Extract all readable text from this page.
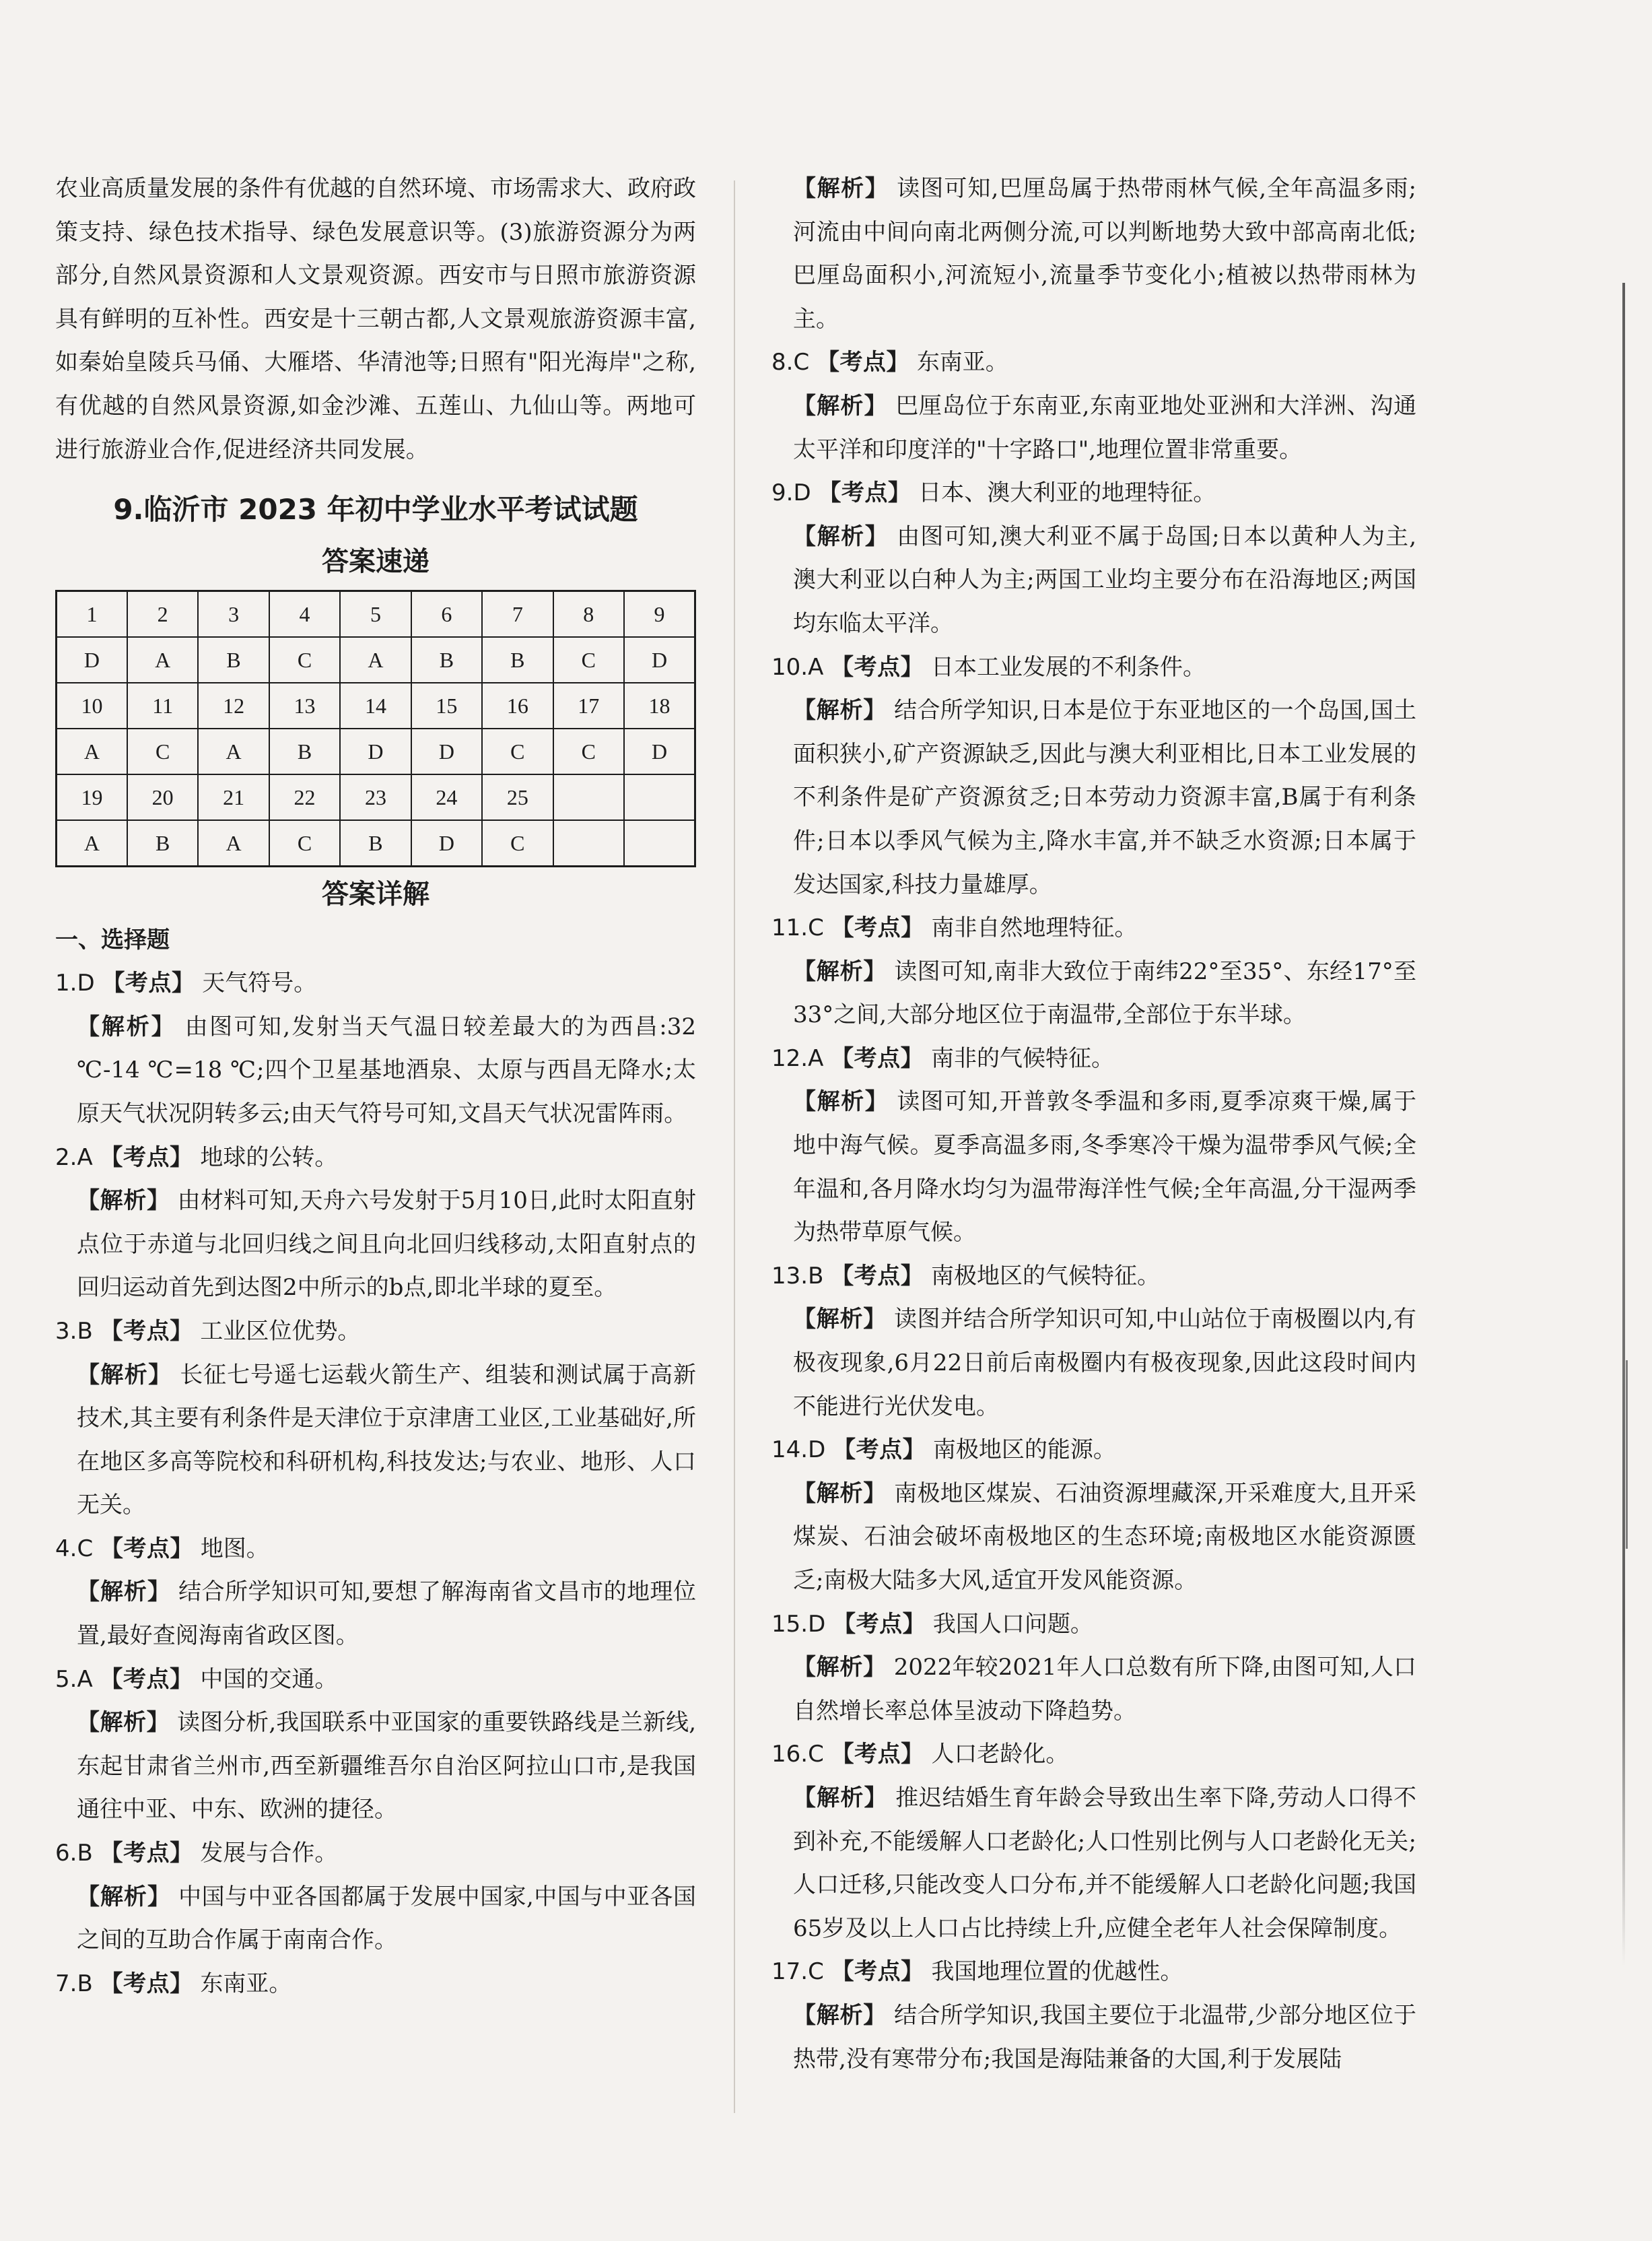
农业高质量发展的条件有优越的自然环境、市场需求大、政府政策支持、绿色技术指导、绿色发展意识等。(3)旅游资源分为两部分,自然风景资源和人文景观资源。西安市与日照市旅游资源具有鲜明的互补性。西安是十三朝古都,人文景观旅游资源丰富,如秦始皇陵兵马俑、大雁塔、华清池等;日照有"阳光海岸"之称,有优越的自然风景资源,如金沙滩、五莲山、九仙山等。两地可进行旅游业合作,促进经济共同发展。

9.临沂市 2023 年初中学业水平考试试题
答案速递
1	2	3	4	5	6	7	8	9
D	A	B	C	A	B	B	C	D
10	11	12	13	14	15	16	17	18
A	C	A	B	D	D	C	C	D
19	20	21	22	23	24	25		
A	B	A	C	B	D	C		
答案详解
一、选择题

1.D 【考点】 天气符号。

【解析】 由图可知,发射当天气温日较差最大的为西昌:32 ℃-14 ℃=18 ℃;四个卫星基地酒泉、太原与西昌无降水;太原天气状况阴转多云;由天气符号可知,文昌天气状况雷阵雨。

2.A 【考点】 地球的公转。

【解析】 由材料可知,天舟六号发射于5月10日,此时太阳直射点位于赤道与北回归线之间且向北回归线移动,太阳直射点的回归运动首先到达图2中所示的b点,即北半球的夏至。

3.B 【考点】 工业区位优势。

【解析】 长征七号遥七运载火箭生产、组装和测试属于高新技术,其主要有利条件是天津位于京津唐工业区,工业基础好,所在地区多高等院校和科研机构,科技发达;与农业、地形、人口无关。

4.C 【考点】 地图。

【解析】 结合所学知识可知,要想了解海南省文昌市的地理位置,最好查阅海南省政区图。

5.A 【考点】 中国的交通。

【解析】 读图分析,我国联系中亚国家的重要铁路线是兰新线,东起甘肃省兰州市,西至新疆维吾尔自治区阿拉山口市,是我国通往中亚、中东、欧洲的捷径。

6.B 【考点】 发展与合作。

【解析】 中国与中亚各国都属于发展中国家,中国与中亚各国之间的互助合作属于南南合作。

7.B 【考点】 东南亚。

【解析】 读图可知,巴厘岛属于热带雨林气候,全年高温多雨;河流由中间向南北两侧分流,可以判断地势大致中部高南北低;巴厘岛面积小,河流短小,流量季节变化小;植被以热带雨林为主。

8.C 【考点】 东南亚。

【解析】 巴厘岛位于东南亚,东南亚地处亚洲和大洋洲、沟通太平洋和印度洋的"十字路口",地理位置非常重要。

9.D 【考点】 日本、澳大利亚的地理特征。

【解析】 由图可知,澳大利亚不属于岛国;日本以黄种人为主,澳大利亚以白种人为主;两国工业均主要分布在沿海地区;两国均东临太平洋。

10.A 【考点】 日本工业发展的不利条件。

【解析】 结合所学知识,日本是位于东亚地区的一个岛国,国土面积狭小,矿产资源缺乏,因此与澳大利亚相比,日本工业发展的不利条件是矿产资源贫乏;日本劳动力资源丰富,B属于有利条件;日本以季风气候为主,降水丰富,并不缺乏水资源;日本属于发达国家,科技力量雄厚。

11.C 【考点】 南非自然地理特征。

【解析】 读图可知,南非大致位于南纬22°至35°、东经17°至33°之间,大部分地区位于南温带,全部位于东半球。

12.A 【考点】 南非的气候特征。

【解析】 读图可知,开普敦冬季温和多雨,夏季凉爽干燥,属于地中海气候。夏季高温多雨,冬季寒冷干燥为温带季风气候;全年温和,各月降水均匀为温带海洋性气候;全年高温,分干湿两季为热带草原气候。

13.B 【考点】 南极地区的气候特征。

【解析】 读图并结合所学知识可知,中山站位于南极圈以内,有极夜现象,6月22日前后南极圈内有极夜现象,因此这段时间内不能进行光伏发电。

14.D 【考点】 南极地区的能源。

【解析】 南极地区煤炭、石油资源埋藏深,开采难度大,且开采煤炭、石油会破坏南极地区的生态环境;南极地区水能资源匮乏;南极大陆多大风,适宜开发风能资源。

15.D 【考点】 我国人口问题。

【解析】 2022年较2021年人口总数有所下降,由图可知,人口自然增长率总体呈波动下降趋势。

16.C 【考点】 人口老龄化。

【解析】 推迟结婚生育年龄会导致出生率下降,劳动人口得不到补充,不能缓解人口老龄化;人口性别比例与人口老龄化无关;人口迁移,只能改变人口分布,并不能缓解人口老龄化问题;我国65岁及以上人口占比持续上升,应健全老年人社会保障制度。

17.C 【考点】 我国地理位置的优越性。

【解析】 结合所学知识,我国主要位于北温带,少部分地区位于热带,没有寒带分布;我国是海陆兼备的大国,利于发展陆
